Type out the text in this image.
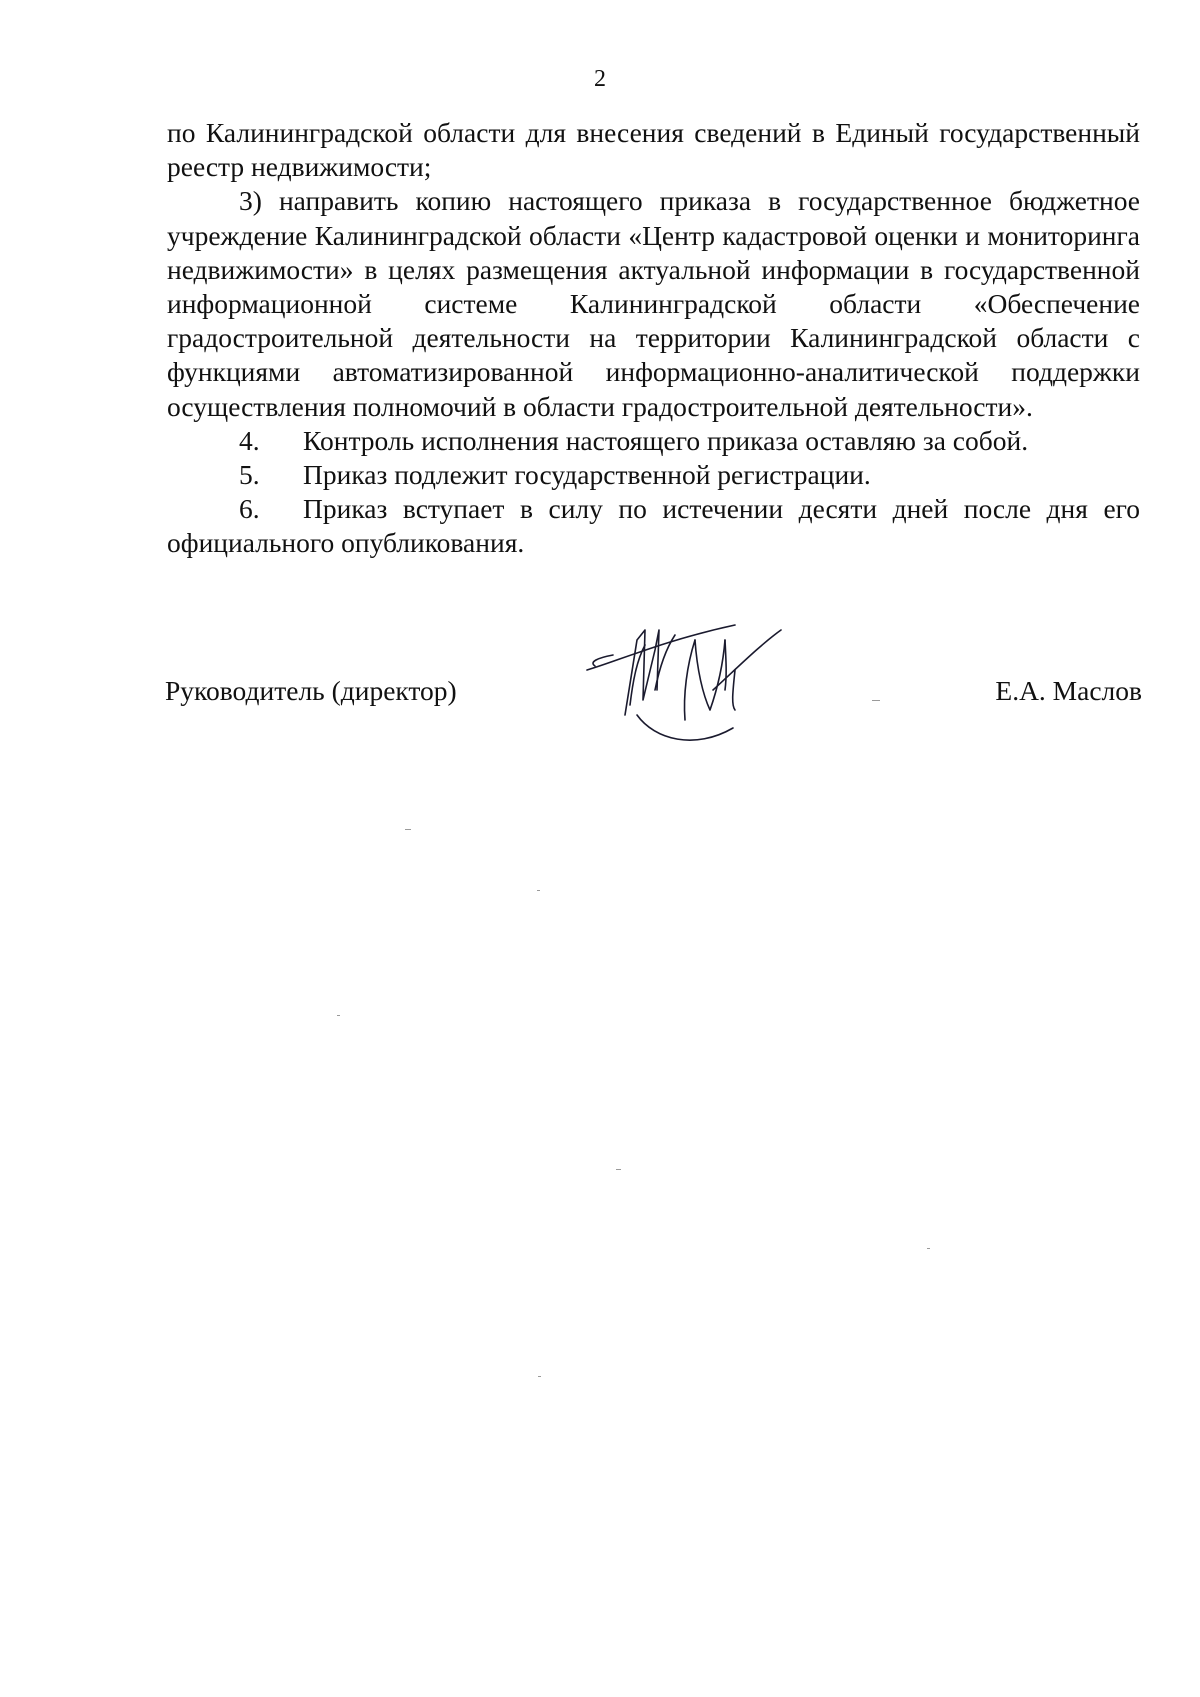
2

по Калининградской области для внесения сведений в Единый государственный реестр недвижимости;

3) направить копию настоящего приказа в государственное бюджетное учреждение Калининградской области «Центр кадастровой оценки и мониторинга недвижимости» в целях размещения актуальной информации в государственной информационной системе Калининградской области «Обеспечение градостроительной деятельности на территории Калининградской области с функциями автоматизированной информационно-аналитической поддержки осуществления полномочий в области градостроительной деятельности».

4.	Контроль исполнения настоящего приказа оставляю за собой.
5.	Приказ подлежит государственной регистрации.

6. Приказ вступает в силу по истечении десяти дней после дня его официального опубликования.

Руководитель (директор)	Е.А. Маслов
